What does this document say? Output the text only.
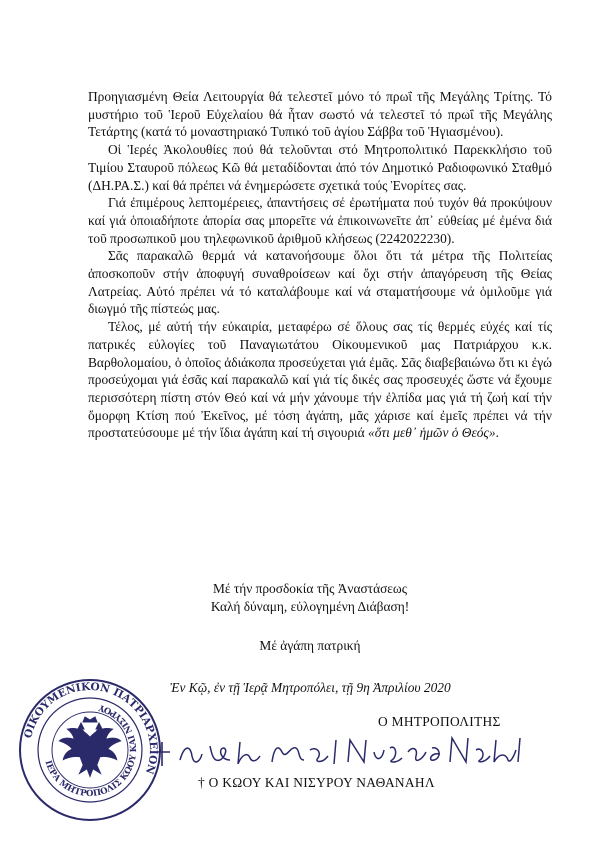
Προηγιασμένη Θεία Λειτουργία θά τελεστεῖ μόνο τό πρωΐ τῆς Μεγάλης Τρίτης. Τό μυστήριο τοῦ Ἱεροῦ Εὐχελαίου θά ἦταν σωστό νά τελεστεῖ τό πρωΐ τῆς Μεγάλης Τετάρτης (κατά τό μοναστηριακό Τυπικό τοῦ ἁγίου Σάββα τοῦ Ἡγιασμένου).

Οἱ Ἱερές Ἀκολουθίες πού θά τελοῦνται στό Μητροπολιτικό Παρεκκλήσιο τοῦ Τιμίου Σταυροῦ πόλεως Κῶ θά μεταδίδονται ἀπό τόν Δημοτικό Ραδιοφωνικό Σταθμό (ΔΗ.ΡΑ.Σ.) καί θά πρέπει νά ἐνημερώσετε σχετικά τούς Ἐνορίτες σας.

Γιά ἐπιμέρους λεπτομέρειες, ἀπαντήσεις σέ ἐρωτήματα πού τυχόν θά προκύψουν καί γιά ὁποιαδήποτε ἀπορία σας μπορεῖτε νά ἐπικοινωνεῖτε ἀπ᾽ εὐθείας μέ ἐμένα διά τοῦ προσωπικοῦ μου τηλεφωνικοῦ ἀριθμοῦ κλήσεως (2242022230).

Σᾶς παρακαλῶ θερμά νά κατανοήσουμε ὅλοι ὅτι τά μέτρα τῆς Πολιτείας ἀποσκοποῦν στήν ἀποφυγή συναθροίσεων καί ὄχι στήν ἀπαγόρευση τῆς Θείας Λατρείας. Αὐτό πρέπει νά τό καταλάβουμε καί νά σταματήσουμε νά ὁμιλοῦμε γιά διωγμό τῆς πίστεώς μας.

Τέλος, μέ αὐτή τήν εὐκαιρία, μεταφέρω σέ ὅλους σας τίς θερμές εὐχές καί τίς πατρικές εὐλογίες τοῦ Παναγιωτάτου Οἰκουμενικοῦ μας Πατριάρχου κ.κ. Βαρθολομαίου, ὁ ὁποῖος ἀδιάκοπα προσεύχεται γιά ἐμᾶς. Σᾶς διαβεβαιώνω ὅτι κι ἐγώ προσεύχομαι γιά ἐσᾶς καί παρακαλῶ καί γιά τίς δικές σας προσευχές ὥστε νά ἔχουμε περισσότερη πίστη στόν Θεό καί νά μήν χάνουμε τήν ἐλπίδα μας γιά τή ζωή καί τήν ὄμορφη Κτίση πού Ἐκεῖνος, μέ τόση ἀγάπη, μᾶς χάρισε καί ἐμεῖς πρέπει νά τήν προστατεύσουμε μέ τήν ἴδια ἀγάπη καί τή σιγουριά «ὅτι μεθ᾽ ἡμῶν ὁ Θεός».

Μέ τήν προσδοκία τῆς Ἀναστάσεως
Καλή δύναμη, εὐλογημένη Διάβαση!
Μέ ἀγάπη πατρική
Ἐν Κῷ, ἐν τῇ Ἱερᾷ Μητροπόλει, τῇ 9η Ἀπριλίου 2020
ΟΙΚΟΥΜΕΝΙΚΟΝ ΠΑΤΡΙΑΡΧΕΙΟΝ
ΙΕΡΑ ΜΗΤΡΟΠΟΛΙΣ ΚΩΟΥ ΚΑΙ ΝΙΣΥΡΟΥ
Ο ΜΗΤΡΟΠΟΛΙΤΗΣ
† Ο ΚΩΟΥ ΚΑΙ ΝΙΣΥΡΟΥ ΝΑΘΑΝΑΗΛ
